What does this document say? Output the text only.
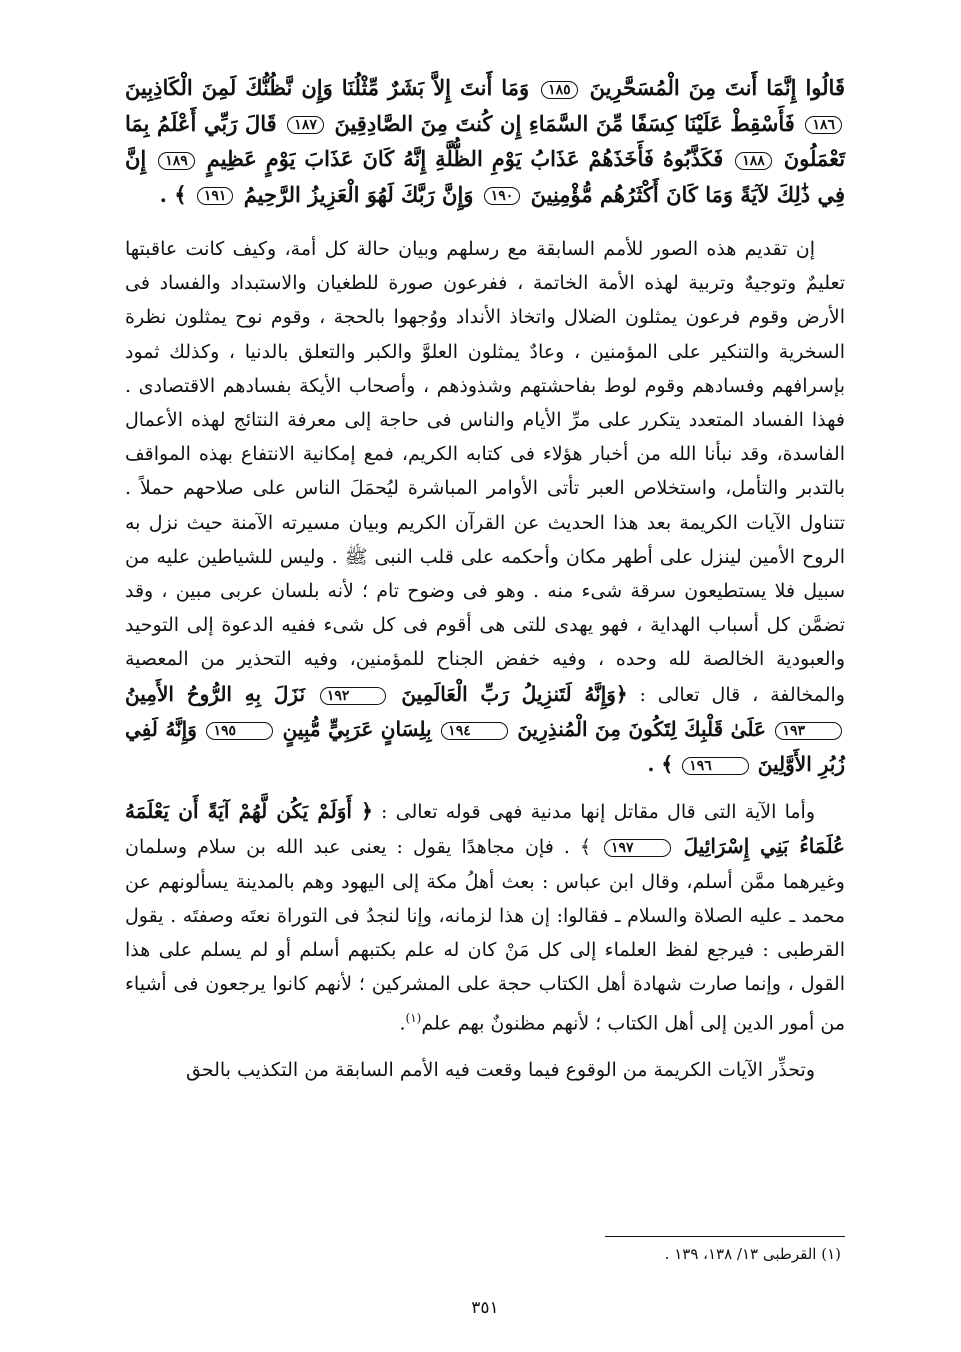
قَالُوا إِنَّمَا أَنتَ مِنَ الْمُسَحَّرِينَ ١٨٥ وَمَا أَنتَ إِلاَّ بَشَرٌ مِّثْلُنَا وَإِن نَّظُنُّكَ لَمِنَ الْكَاذِبِينَ ١٨٦ فَأَسْقِطْ عَلَيْنَا كِسَفًا مِّنَ السَّمَاءِ إِن كُنتَ مِنَ الصَّادِقِينَ ١٨٧ قَالَ رَبِّي أَعْلَمُ بِمَا تَعْمَلُونَ ١٨٨ فَكَذَّبُوهُ فَأَخَذَهُمْ عَذَابُ يَوْمِ الظُّلَّةِ إِنَّهُ كَانَ عَذَابَ يَوْمٍ عَظِيمٍ ١٨٩ إِنَّ فِي ذَٰلِكَ لآيَةً وَمَا كَانَ أَكْثَرُهُم مُّؤْمِنِينَ ١٩٠ وَإِنَّ رَبَّكَ لَهُوَ الْعَزِيزُ الرَّحِيمُ ١٩١ ﴾ .

إن تقديم هذه الصور للأمم السابقة مع رسلهم وبيان حالة كل أمة، وكيف كانت عاقبتها تعليمٌ وتوجيهٌ وتربية لهذه الأمة الخاتمة ، ففرعون صورة للطغيان والاستبداد والفساد فى الأرض وقوم فرعون يمثلون الضلال واتخاذ الأنداد ووُجهوا بالحجة ، وقوم نوح يمثلون نظرة السخرية والتنكير على المؤمنين ، وعادٌ يمثلون العلوَّ والكبر والتعلق بالدنيا ، وكذلك ثمود بإسرافهم وفسادهم وقوم لوط بفاحشتهم وشذوذهم ، وأصحاب الأيكة بفسادهم الاقتصادى . فهذا الفساد المتعدد يتكرر على مرِّ الأيام والناس فى حاجة إلى معرفة النتائج لهذه الأعمال الفاسدة، وقد نبأنا الله من أخبار هؤلاء فى كتابه الكريم، فمع إمكانية الانتفاع بهذه المواقف بالتدبر والتأمل، واستخلاص العبر تأتى الأوامر المباشرة ليُحمَلَ الناس على صلاحهم حملاً . تتناول الآيات الكريمة بعد هذا الحديث عن القرآن الكريم وبيان مسيرته الآمنة حيث نزل به الروح الأمين لينزل على أطهر مكان وأحكمه على قلب النبى ﷺ . وليس للشياطين عليه من سبيل فلا يستطيعون سرقة شىء منه . وهو فى وضوح تام ؛ لأنه بلسان عربى مبين ، وقد تضمَّن كل أسباب الهداية ، فهو يهدى للتى هى أقوم فى كل شىء ففيه الدعوة إلى التوحيد والعبودية الخالصة لله وحده ، وفيه خفض الجناح للمؤمنين، وفيه التحذير من المعصية والمخالفة ، قال تعالى : ﴿وَإِنَّهُ لَتَنزِيلُ رَبِّ الْعَالَمِينَ ١٩٢ نَزَلَ بِهِ الرُّوحُ الأَمِينُ ١٩٣ عَلَىٰ قَلْبِكَ لِتَكُونَ مِنَ الْمُنذِرِينَ ١٩٤ بِلِسَانٍ عَرَبِيٍّ مُّبِينٍ ١٩٥ وَإِنَّهُ لَفِي زُبُرِ الأَوَّلِينَ ١٩٦ ﴾ .

وأما الآية التى قال مقاتل إنها مدنية فهى قوله تعالى : ﴿ أَوَلَمْ يَكُن لَّهُمْ آيَةً أَن يَعْلَمَهُ عُلَمَاءُ بَنِي إِسْرَائِيلَ ١٩٧ ﴾ . فإن مجاهدًا يقول : يعنى عبد الله بن سلام وسلمان وغيرهما ممَّن أسلم، وقال ابن عباس : بعث أهلُ مكة إلى اليهود وهم بالمدينة يسألونهم عن محمد ـ عليه الصلاة والسلام ـ فقالوا: إن هذا لزمانه، وإنا لنجدُ فى التوراة نعتَه وصفتَه . يقول القرطبى : فيرجع لفظ العلماء إلى كل مَنْ كان له علم بكتبهم أسلم أو لم يسلم على هذا القول ، وإنما صارت شهادة أهل الكتاب حجة على المشركين ؛ لأنهم كانوا يرجعون فى أشياء من أمور الدين إلى أهل الكتاب ؛ لأنهم مظنونٌ بهم علم$^{(١)}$.

وتحذِّر الآيات الكريمة من الوقوع فيما وقعت فيه الأمم السابقة من التكذيب بالحق

(١) القرطبى ١٣/ ١٣٨، ١٣٩ .
٣٥١
